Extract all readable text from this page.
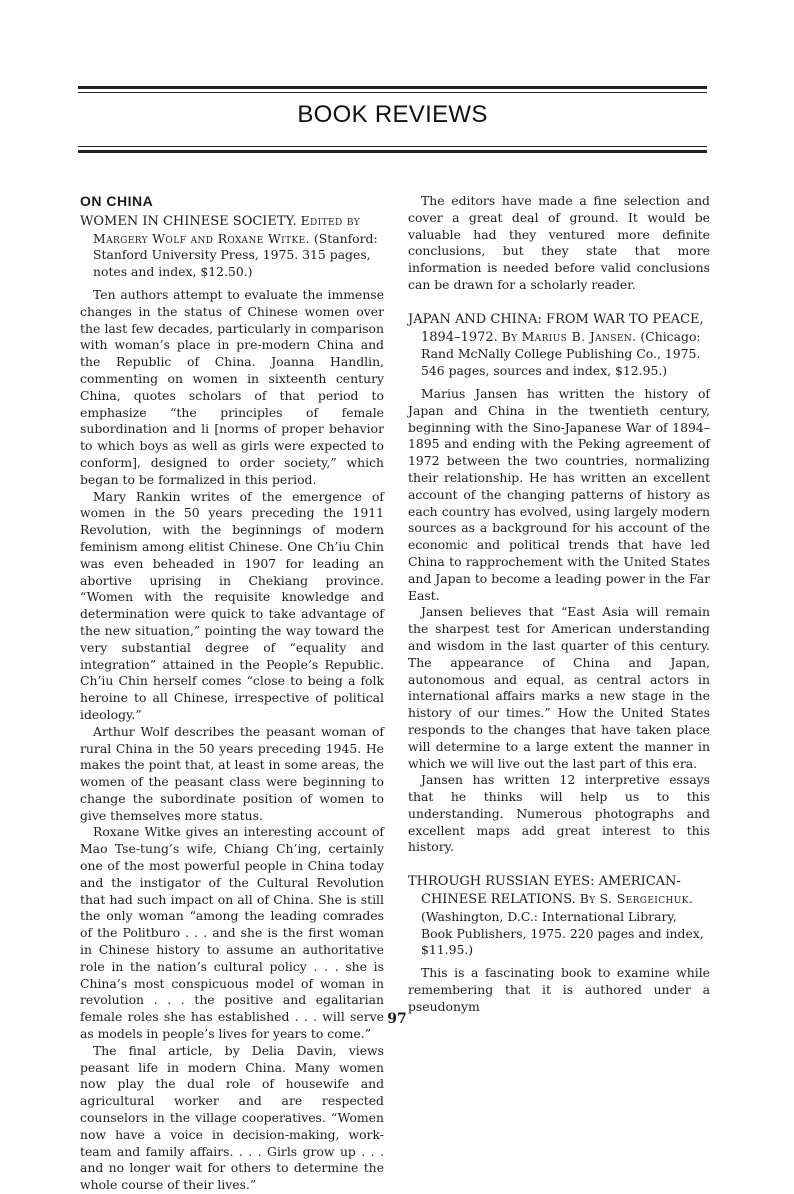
BOOK REVIEWS
ON CHINA

WOMEN IN CHINESE SOCIETY. Edited by Margery Wolf and Roxane Witke. (Stanford: Stanford University Press, 1975. 315 pages, notes and index, $12.50.)

Ten authors attempt to evaluate the immense changes in the status of Chinese women over the last few decades, particularly in comparison with woman’s place in pre-modern China and the Republic of China. Joanna Handlin, commenting on women in sixteenth century China, quotes scholars of that period to emphasize “the principles of female subordination and li [norms of proper behavior to which boys as well as girls were expected to conform], designed to order society,” which began to be formalized in this period.

Mary Rankin writes of the emergence of women in the 50 years preceding the 1911 Revolution, with the beginnings of modern feminism among elitist Chinese. One Ch’iu Chin was even beheaded in 1907 for leading an abortive uprising in Chekiang province. “Women with the requisite knowledge and determination were quick to take advantage of the new situation,” pointing the way toward the very substantial degree of “equality and integration” attained in the People’s Republic. Ch’iu Chin herself comes “close to being a folk heroine to all Chinese, irrespective of political ideology.”

Arthur Wolf describes the peasant woman of rural China in the 50 years preceding 1945. He makes the point that, at least in some areas, the women of the peasant class were beginning to change the subordinate position of women to give themselves more status.

Roxane Witke gives an interesting account of Mao Tse-tung’s wife, Chiang Ch’ing, certainly one of the most powerful people in China today and the instigator of the Cultural Revolution that had such impact on all of China. She is still the only woman “among the leading comrades of the Politburo . . . and she is the first woman in Chinese history to assume an authoritative role in the nation’s cultural policy . . . she is China’s most conspicuous model of woman in revolution . . . the positive and egalitarian female roles she has established . . . will serve as models in people’s lives for years to come.”

The final article, by Delia Davin, views peasant life in modern China. Many women now play the dual role of housewife and agricultural worker and are respected counselors in the village cooperatives. “Women now have a voice in decision-making, work-team and family affairs. . . . Girls grow up . . . and no longer wait for others to determine the whole course of their lives.”

The editors have made a fine selection and cover a great deal of ground. It would be valuable had they ventured more definite conclusions, but they state that more information is needed before valid conclusions can be drawn for a scholarly reader.

JAPAN AND CHINA: FROM WAR TO PEACE, 1894–1972. By Marius B. Jansen. (Chicago: Rand McNally College Publishing Co., 1975. 546 pages, sources and index, $12.95.)

Marius Jansen has written the history of Japan and China in the twentieth century, beginning with the Sino-Japanese War of 1894–1895 and ending with the Peking agreement of 1972 between the two countries, normalizing their relationship. He has written an excellent account of the changing patterns of history as each country has evolved, using largely modern sources as a background for his account of the economic and political trends that have led China to rapprochement with the United States and Japan to become a leading power in the Far East.

Jansen believes that “East Asia will remain the sharpest test for American understanding and wisdom in the last quarter of this century. The appearance of China and Japan, autonomous and equal, as central actors in international affairs marks a new stage in the history of our times.” How the United States responds to the changes that have taken place will determine to a large extent the manner in which we will live out the last part of this era.

Jansen has written 12 interpretive essays that he thinks will help us to this understanding. Numerous photographs and excellent maps add great interest to this history.

THROUGH RUSSIAN EYES: AMERICAN-CHINESE RELATIONS. By S. Sergeichuk. (Washington, D.C.: International Library, Book Publishers, 1975. 220 pages and index, $11.95.)

This is a fascinating book to examine while remembering that it is authored under a pseudonym

97
